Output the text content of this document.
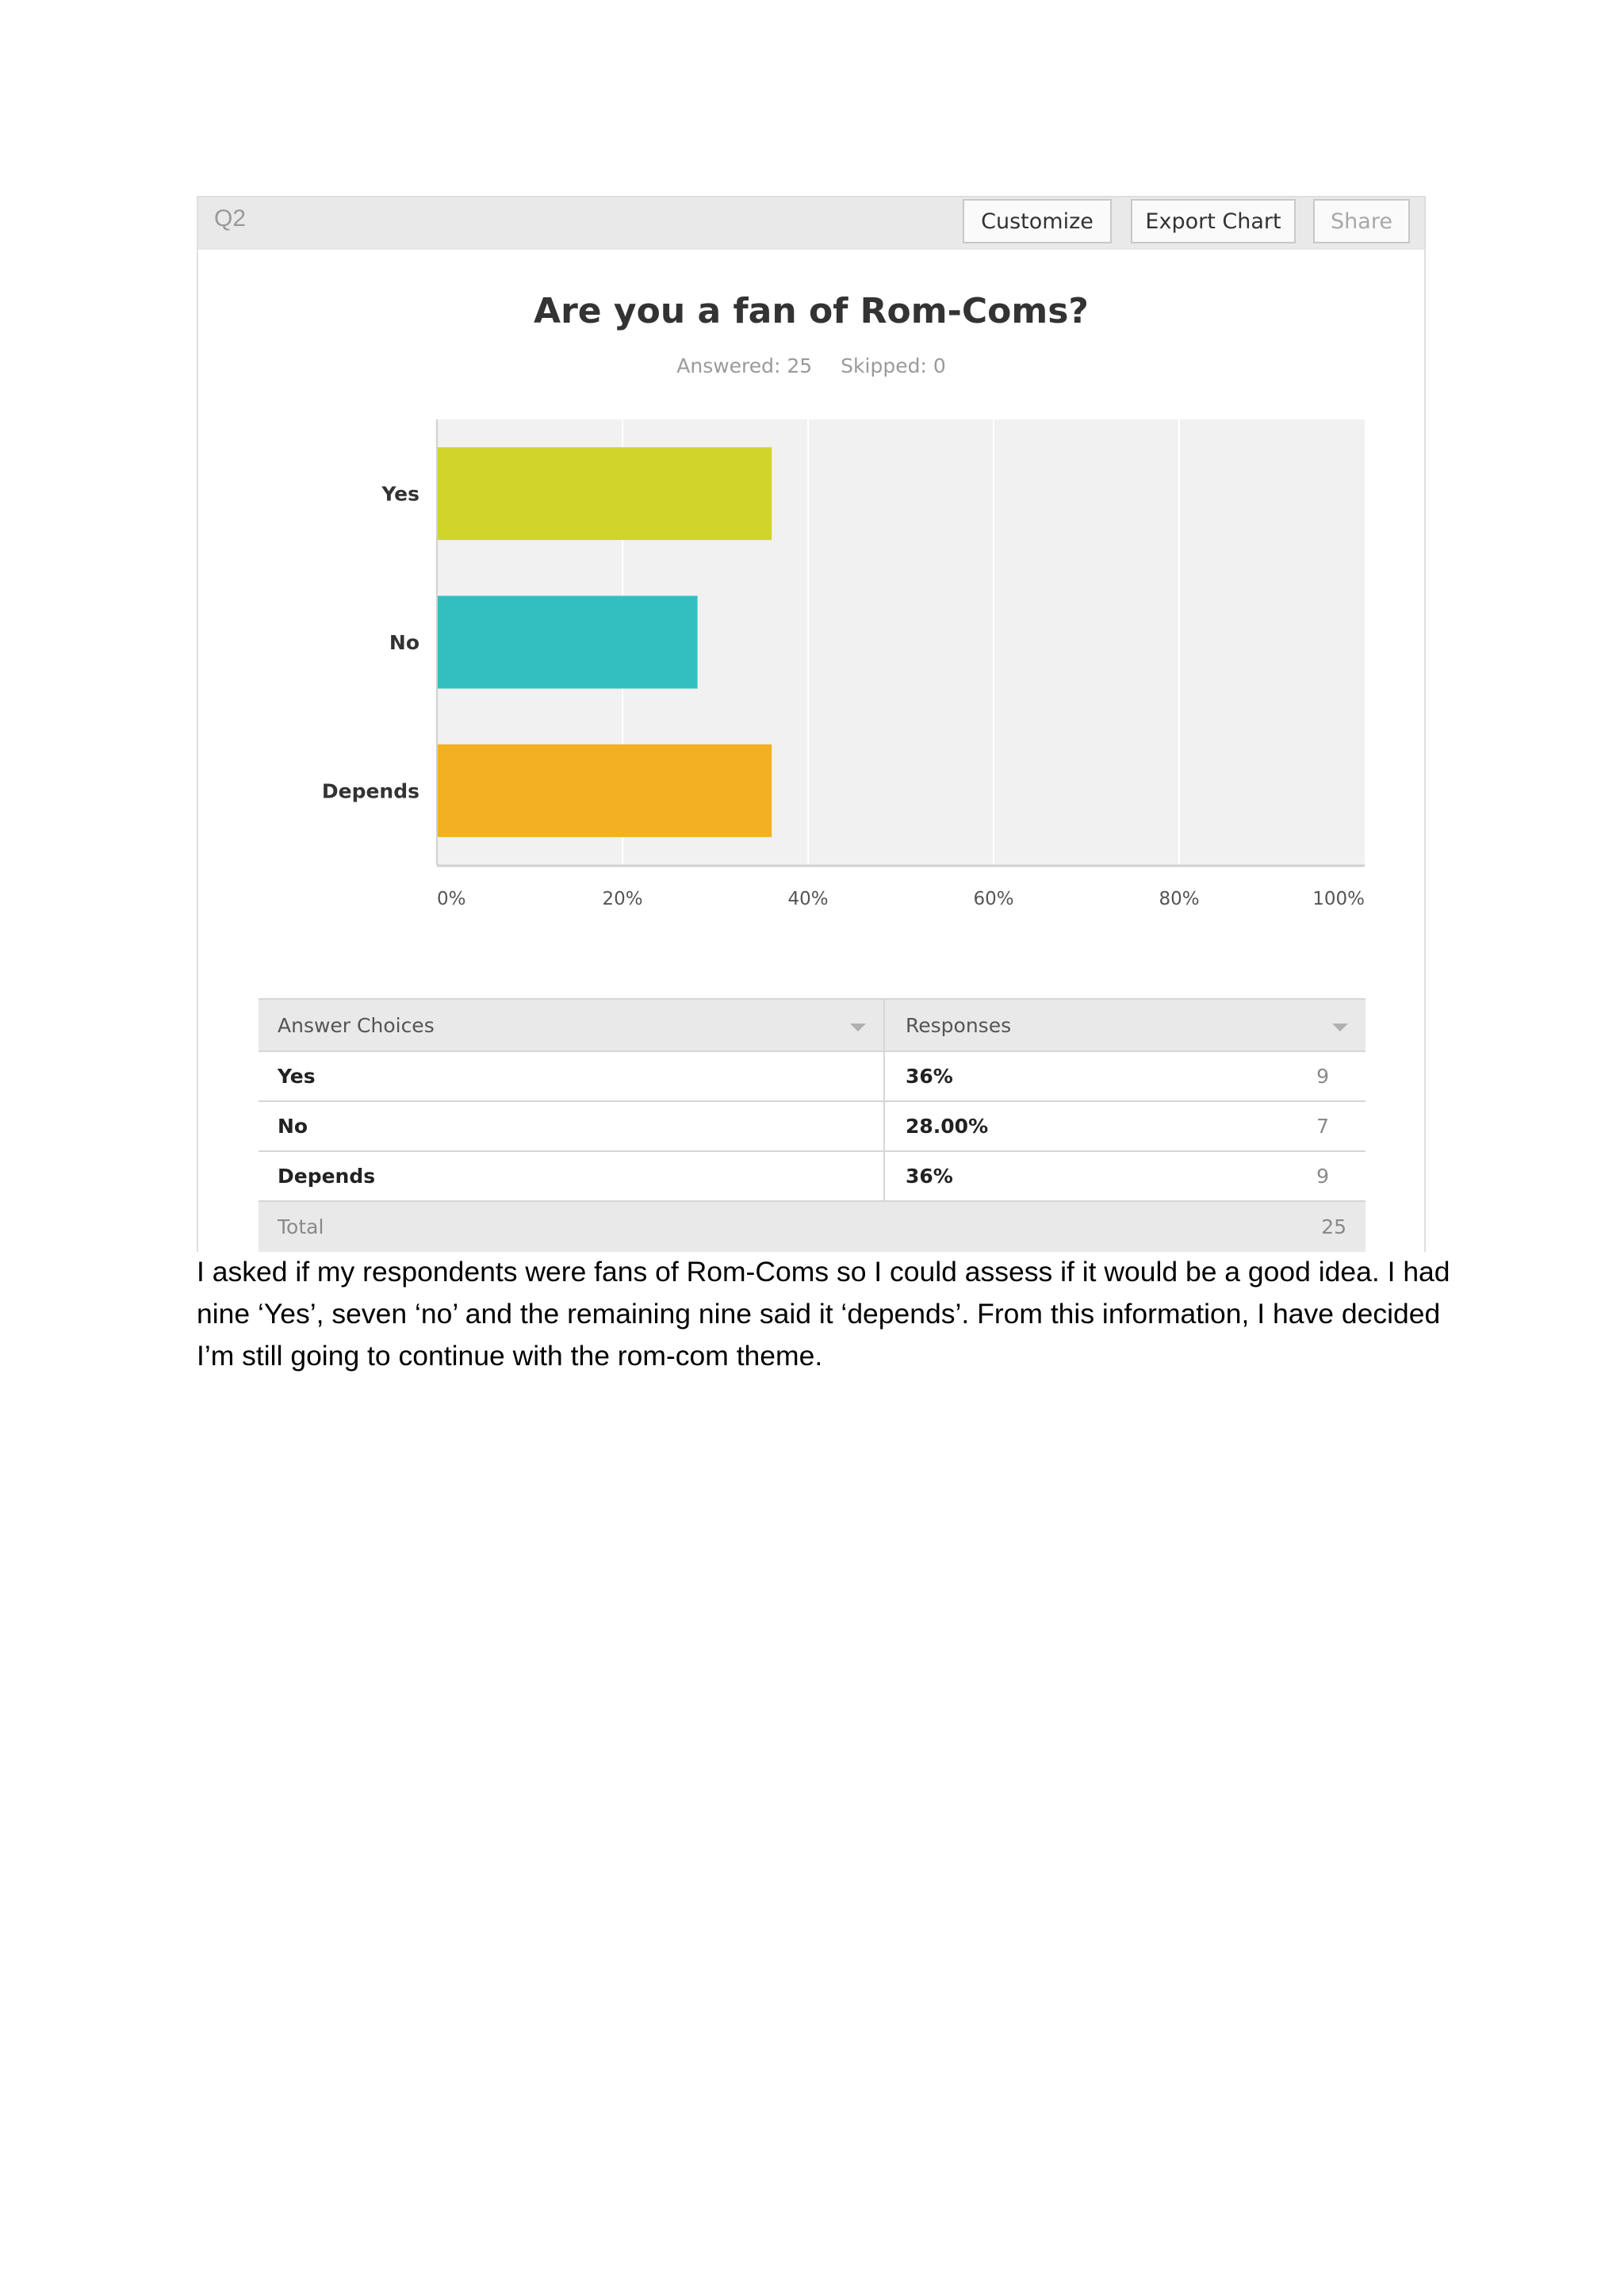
Q2	Customize	Export Chart	Share
Are you a fan of Rom-Coms?
Answered: 25 Skipped: 0
Yes
No
Depends
0%	20%	40%	60%	80%	100%
Answer Choices	Responses
Yes	36%	9
No	28.00%	7
Depends	36%	9
Total	25
I asked if my respondents were fans of Rom-Coms so I could assess if it would be a good idea. I had
nine ‘Yes’, seven ‘no’ and the remaining nine said it ‘depends’. From this information, I have decided
I’m still going to continue with the rom-com theme.
